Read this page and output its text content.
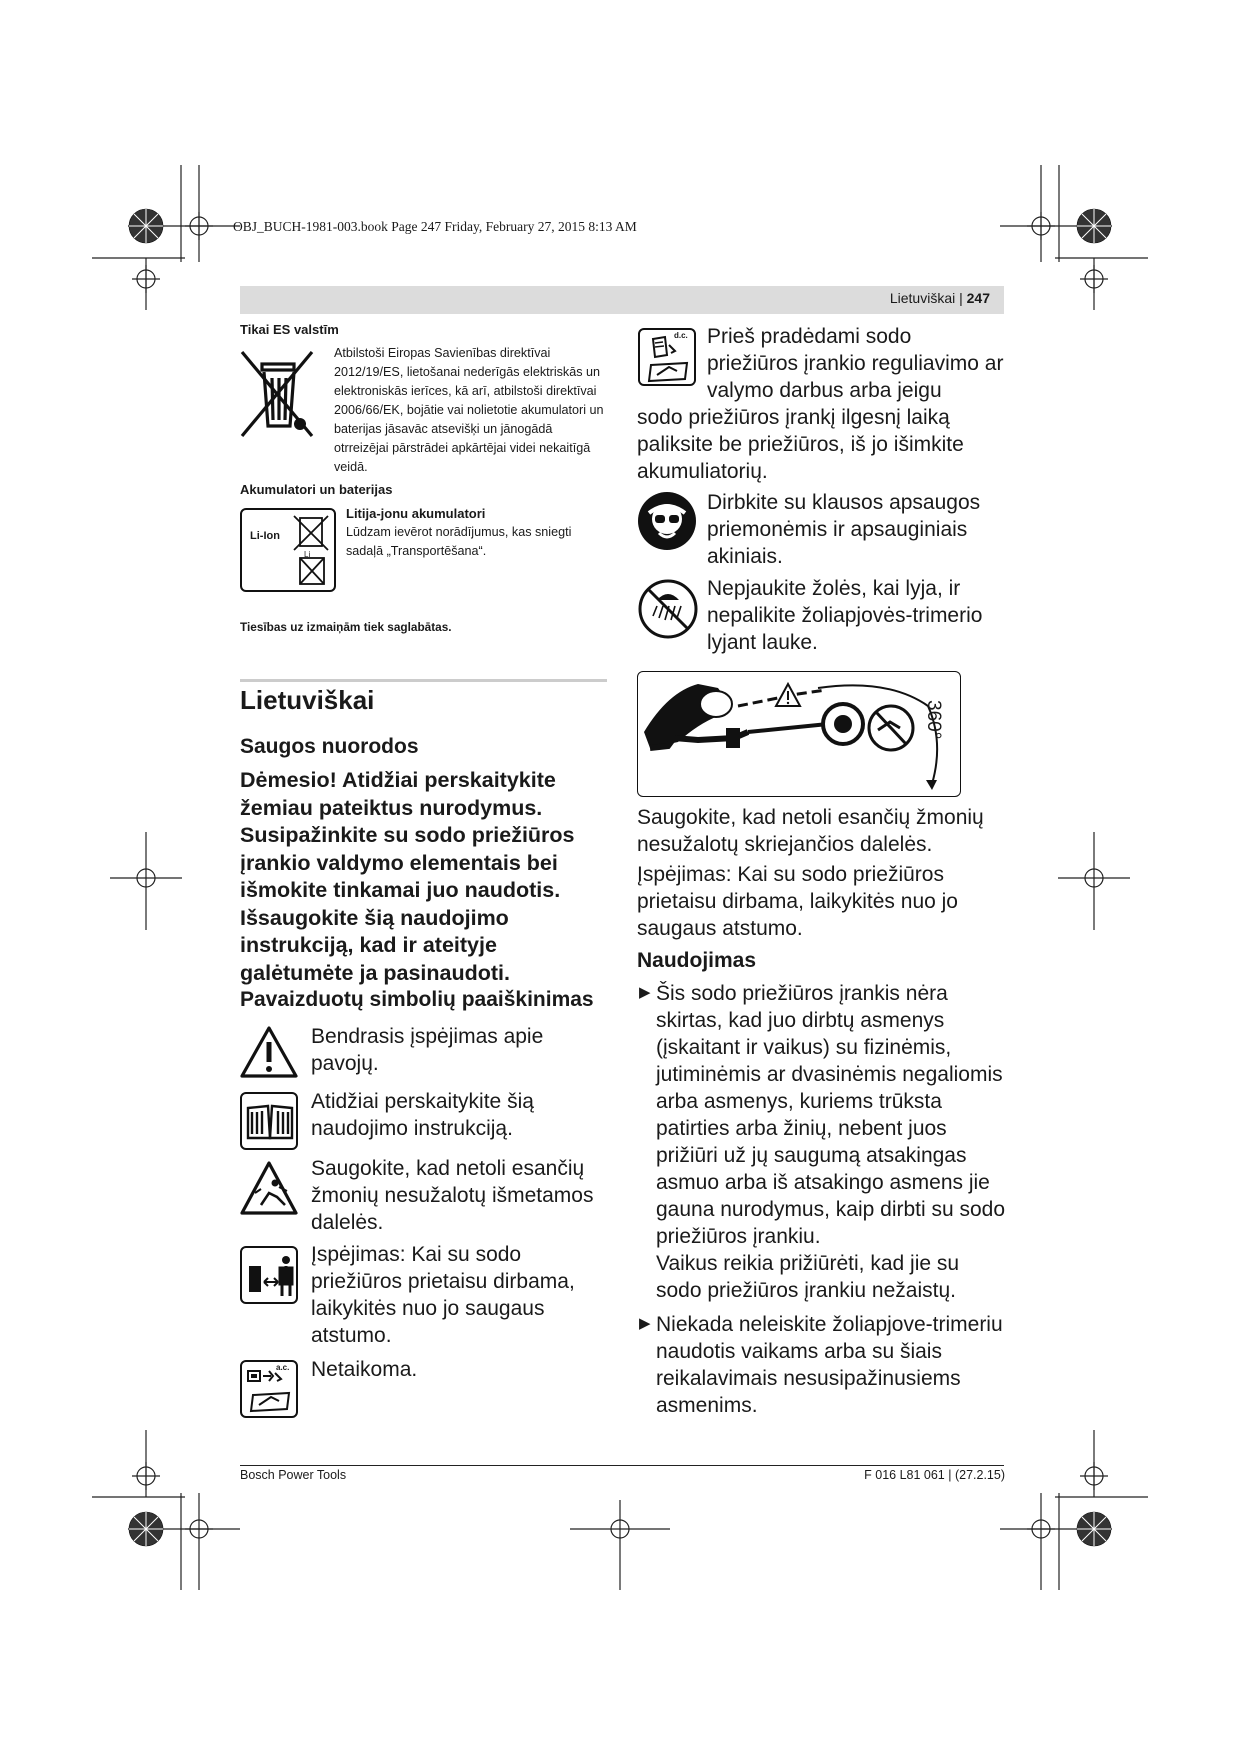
OBJ_BUCH-1981-003.book Page 247 Friday, February 27, 2015 8:13 AM
Lietuviškai | 247
Tikai ES valstīm
Atbilstoši Eiropas Savienības direktīvai 2012/19/ES, lietošanai nederīgās elektriskās un elektroniskās ierīces, kā arī, atbilstoši direktīvai 2006/66/EK, bojātie vai nolietotie akumulatori un baterijas jāsavāc atsevišķi un jānogādā otrreizējai pārstrādei apkārtējai videi nekaitīgā veidā.
Akumulatori un baterijas
Li-Ion
Li
Litija-jonu akumulatori
Lūdzam ievērot norādījumus, kas sniegti sadaļā „Transportēšana“.
Tiesības uz izmaiņām tiek saglabātas.
Lietuviškai
Saugos nuorodos
Dėmesio! Atidžiai perskaitykite žemiau pateiktus nurodymus. Susipažinkite su sodo priežiūros įrankio valdymo elementais bei išmokite tinkamai juo naudotis. Išsaugokite šią naudojimo instrukciją, kad ir ateityje galėtumėte ja pasinaudoti.
Pavaizduotų simbolių paaiškinimas
Bendrasis įspėjimas apie pavojų.
Atidžiai perskaitykite šią naudojimo instrukciją.
Saugokite, kad netoli esančių žmonių nesužalotų išmetamos dalelės.
Įspėjimas: Kai su sodo priežiūros prietaisu dirbama, laikykitės nuo jo saugaus atstumo.
a.c. Netaikoma.
d.c. Prieš pradėdami sodo priežiūros įrankio reguliavimo ar valymo darbus arba jeigu
sodo priežiūros įrankį ilgesnį laiką paliksite be priežiūros, iš jo išimkite akumuliatorių.
Dirbkite su klausos apsaugos priemonėmis ir apsauginiais akiniais.
Nepjaukite žolės, kai lyja, ir nepalikite žoliapjovės-trimerio lyjant lauke.
360°
Saugokite, kad netoli esančių žmonių nesužalotų skriejančios dalelės.
Įspėjimas: Kai su sodo priežiūros prietaisu dirbama, laikykitės nuo jo saugaus atstumo.
Naudojimas
▶ Šis sodo priežiūros įrankis nėra skirtas, kad juo dirbtų asmenys (įskaitant ir vaikus) su fizinėmis, jutiminėmis ar dvasinėmis negaliomis arba asmenys, kuriems trūksta patirties arba žinių, nebent juos prižiūri už jų saugumą atsakingas asmuo arba iš atsakingo asmens jie gauna nurodymus, kaip dirbti su sodo priežiūros įrankiu.
Vaikus reikia prižiūrėti, kad jie su sodo priežiūros įrankiu nežaistų.
▶ Niekada neleiskite žoliapjove-trimeriu naudotis vaikams arba su šiais reikalavimais nesusipažinusiems asmenims.
Bosch Power Tools	F 016 L81 061 | (27.2.15)
